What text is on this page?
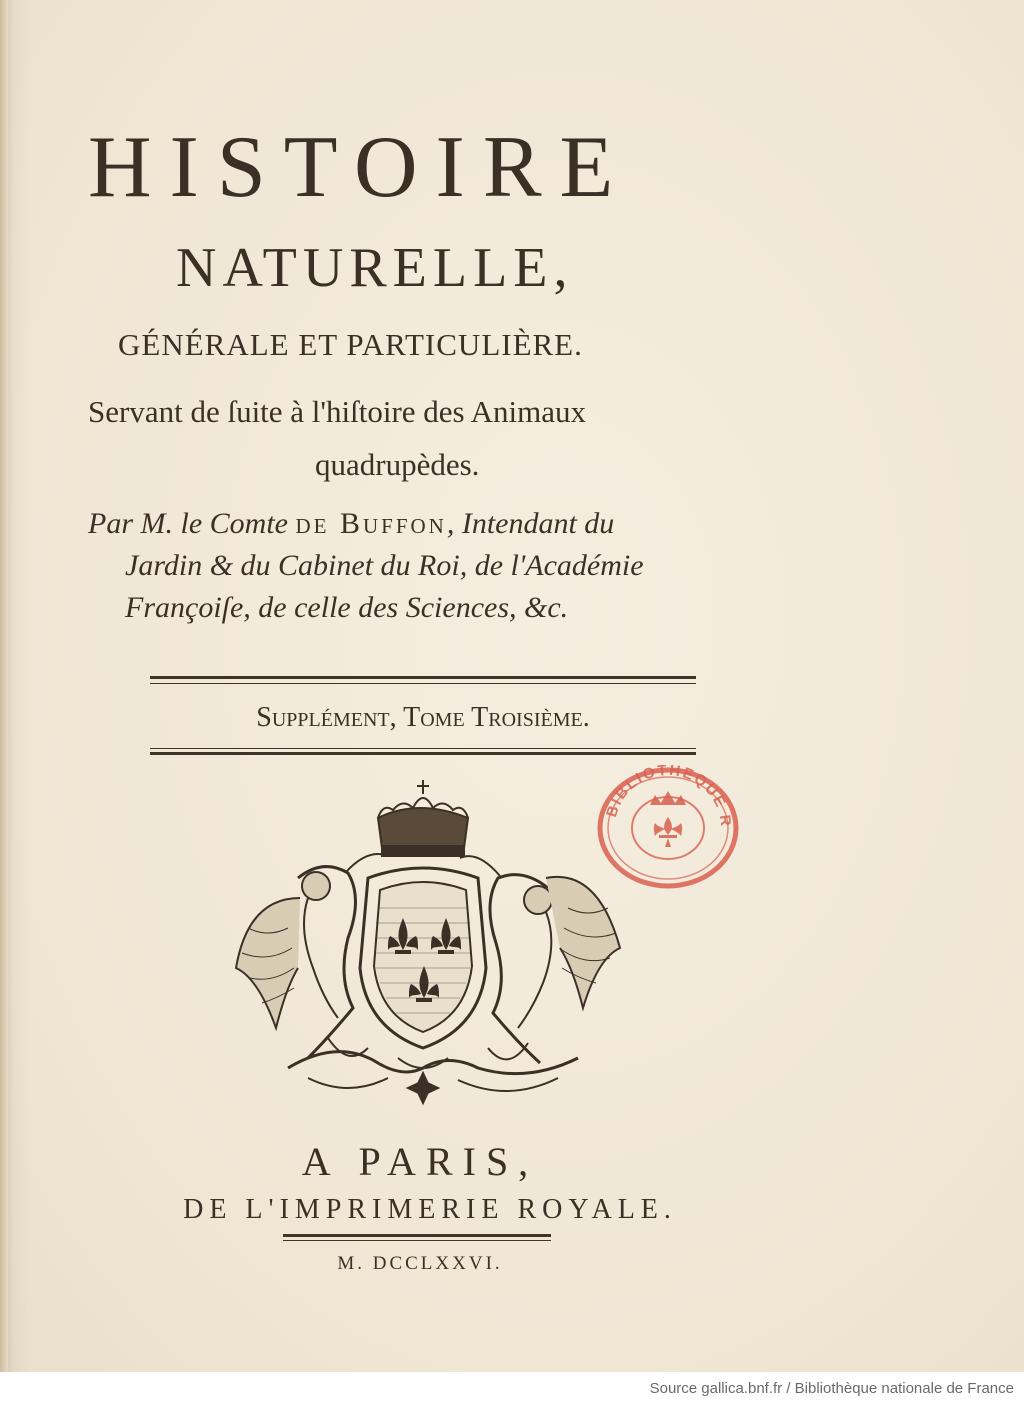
HISTOIRE
NATURELLE,
GÉNÉRALE ET PARTICULIÈRE.
Servant de ſuite à l'hiſtoire des Animaux
quadrupèdes.
Par M. le Comte de Buffon, Intendant du
Jardin & du Cabinet du Roi, de l'Académie
Françoiſe, de celle des Sciences, &c.
Supplément, Tome Troiſième.
BIBLIOTHEQUE R
A PARIS,
DE L'IMPRIMERIE ROYALE.
M. DCCLXXVI.
Source gallica.bnf.fr / Bibliothèque nationale de France
